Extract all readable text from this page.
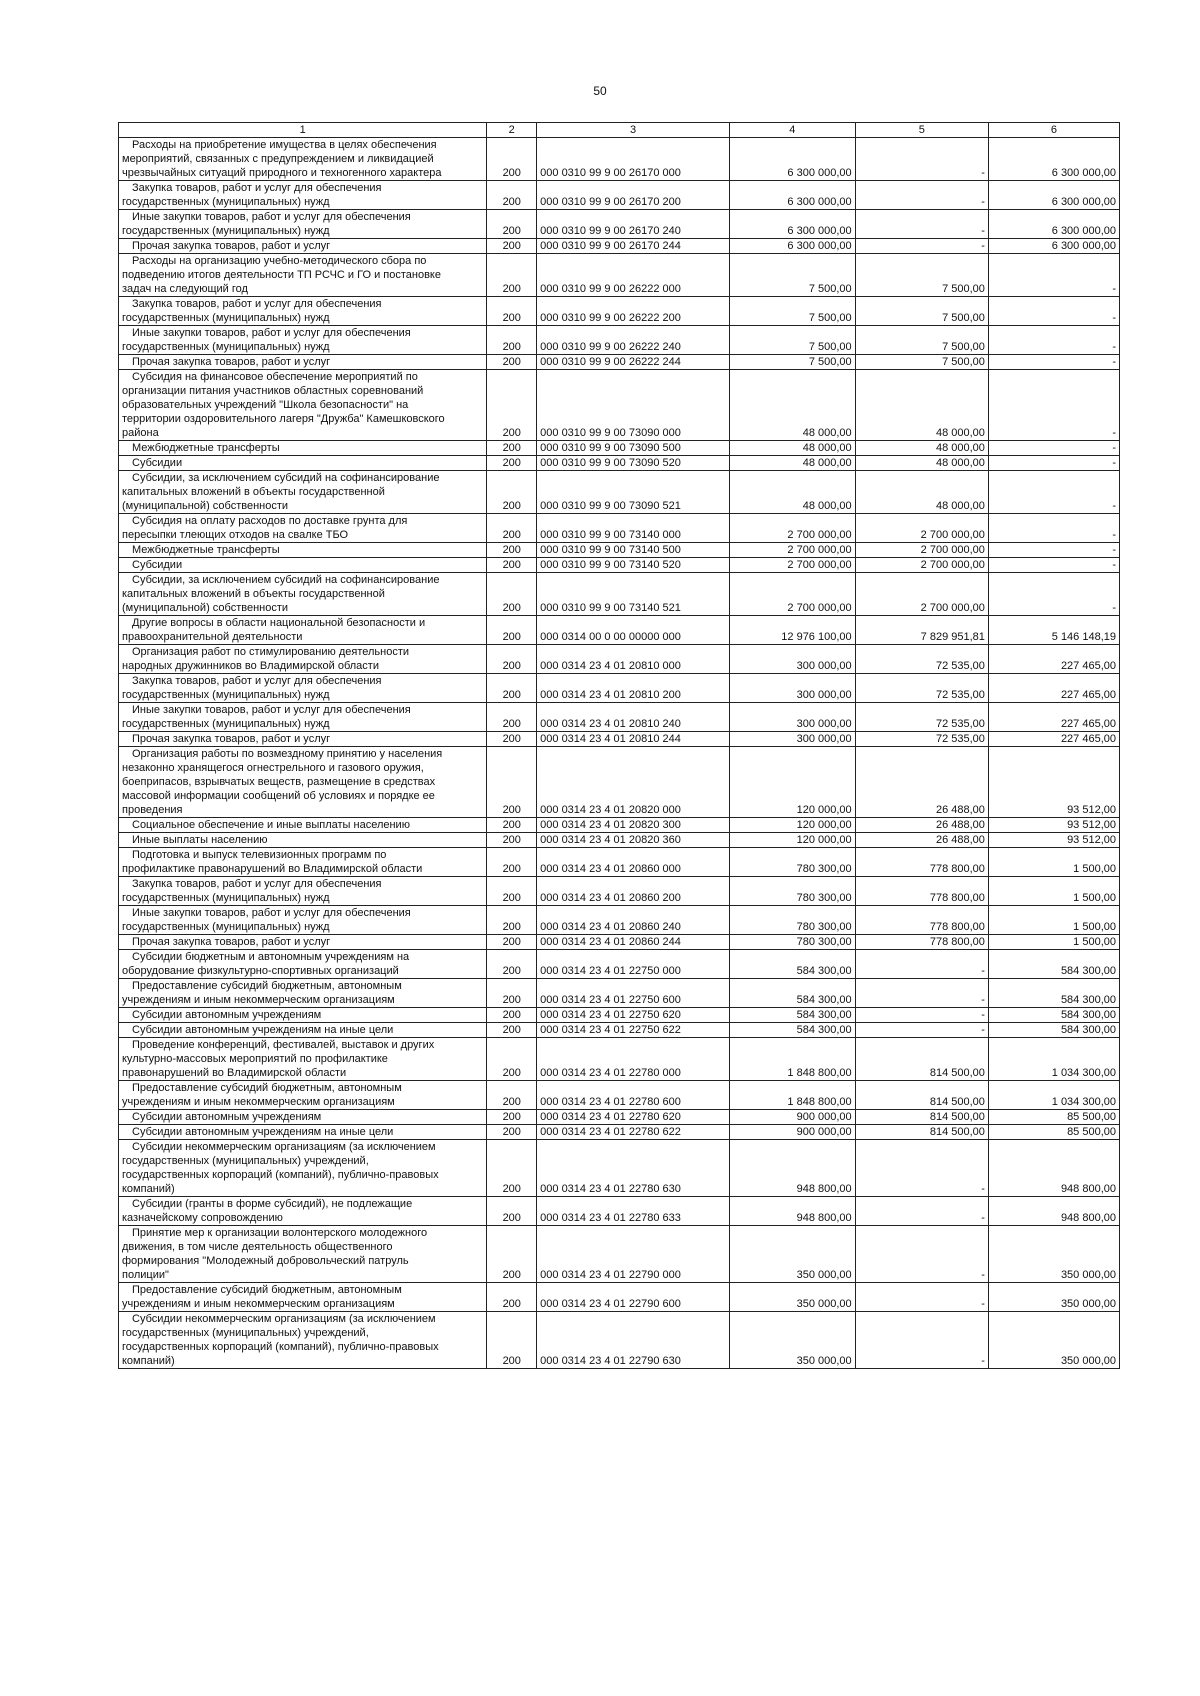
50
1	2	3	4	5	6

Расходы на приобретение имущества в целях обеспечения
мероприятий, связанных с предупреждением и ликвидацией
чрезвычайных ситуаций природного и техногенного характера	200	000 0310 99 9 00 26170 000	6 300 000,00	-	6 300 000,00

Закупка товаров, работ и услуг для обеспечения
государственных (муниципальных) нужд	200	000 0310 99 9 00 26170 200	6 300 000,00	-	6 300 000,00

Иные закупки товаров, работ и услуг для обеспечения
государственных (муниципальных) нужд	200	000 0310 99 9 00 26170 240	6 300 000,00	-	6 300 000,00

Прочая закупка товаров, работ и услуг	200	000 0310 99 9 00 26170 244	6 300 000,00	-	6 300 000,00

Расходы на организацию учебно-методического сбора по
подведению итогов деятельности ТП РСЧС и ГО и постановке
задач на следующий год	200	000 0310 99 9 00 26222 000	7 500,00	7 500,00	-

Закупка товаров, работ и услуг для обеспечения
государственных (муниципальных) нужд	200	000 0310 99 9 00 26222 200	7 500,00	7 500,00	-

Иные закупки товаров, работ и услуг для обеспечения
государственных (муниципальных) нужд	200	000 0310 99 9 00 26222 240	7 500,00	7 500,00	-

Прочая закупка товаров, работ и услуг	200	000 0310 99 9 00 26222 244	7 500,00	7 500,00	-

Субсидия на финансовое обеспечение мероприятий по
организации питания участников областных соревнований
образовательных учреждений "Школа безопасности" на
территории оздоровительного лагеря "Дружба" Камешковского
района	200	000 0310 99 9 00 73090 000	48 000,00	48 000,00	-

Межбюджетные трансферты	200	000 0310 99 9 00 73090 500	48 000,00	48 000,00	-

Субсидии	200	000 0310 99 9 00 73090 520	48 000,00	48 000,00	-

Субсидии, за исключением субсидий на софинансирование
капитальных вложений в объекты государственной
(муниципальной) собственности	200	000 0310 99 9 00 73090 521	48 000,00	48 000,00	-

Субсидия на оплату расходов по доставке грунта для
пересыпки тлеющих отходов на свалке ТБО	200	000 0310 99 9 00 73140 000	2 700 000,00	2 700 000,00	-

Межбюджетные трансферты	200	000 0310 99 9 00 73140 500	2 700 000,00	2 700 000,00	-

Субсидии	200	000 0310 99 9 00 73140 520	2 700 000,00	2 700 000,00	-

Субсидии, за исключением субсидий на софинансирование
капитальных вложений в объекты государственной
(муниципальной) собственности	200	000 0310 99 9 00 73140 521	2 700 000,00	2 700 000,00	-

Другие вопросы в области национальной безопасности и
правоохранительной деятельности	200	000 0314 00 0 00 00000 000	12 976 100,00	7 829 951,81	5 146 148,19

Организация работ по стимулированию деятельности
народных дружинников во Владимирской области	200	000 0314 23 4 01 20810 000	300 000,00	72 535,00	227 465,00

Закупка товаров, работ и услуг для обеспечения
государственных (муниципальных) нужд	200	000 0314 23 4 01 20810 200	300 000,00	72 535,00	227 465,00

Иные закупки товаров, работ и услуг для обеспечения
государственных (муниципальных) нужд	200	000 0314 23 4 01 20810 240	300 000,00	72 535,00	227 465,00

Прочая закупка товаров, работ и услуг	200	000 0314 23 4 01 20810 244	300 000,00	72 535,00	227 465,00

Организация работы по возмездному принятию у населения
незаконно хранящегося огнестрельного и газового оружия,
боеприпасов, взрывчатых веществ, размещение в средствах
массовой информации сообщений об условиях и порядке ее
проведения	200	000 0314 23 4 01 20820 000	120 000,00	26 488,00	93 512,00

Социальное обеспечение и иные выплаты населению	200	000 0314 23 4 01 20820 300	120 000,00	26 488,00	93 512,00

Иные выплаты населению	200	000 0314 23 4 01 20820 360	120 000,00	26 488,00	93 512,00

Подготовка и выпуск телевизионных программ по
профилактике правонарушений во Владимирской области	200	000 0314 23 4 01 20860 000	780 300,00	778 800,00	1 500,00

Закупка товаров, работ и услуг для обеспечения
государственных (муниципальных) нужд	200	000 0314 23 4 01 20860 200	780 300,00	778 800,00	1 500,00

Иные закупки товаров, работ и услуг для обеспечения
государственных (муниципальных) нужд	200	000 0314 23 4 01 20860 240	780 300,00	778 800,00	1 500,00

Прочая закупка товаров, работ и услуг	200	000 0314 23 4 01 20860 244	780 300,00	778 800,00	1 500,00

Субсидии бюджетным и автономным учреждениям на
оборудование физкультурно-спортивных организаций	200	000 0314 23 4 01 22750 000	584 300,00	-	584 300,00

Предоставление субсидий бюджетным, автономным
учреждениям и иным некоммерческим организациям	200	000 0314 23 4 01 22750 600	584 300,00	-	584 300,00

Субсидии автономным учреждениям	200	000 0314 23 4 01 22750 620	584 300,00	-	584 300,00

Субсидии автономным учреждениям на иные цели	200	000 0314 23 4 01 22750 622	584 300,00	-	584 300,00

Проведение конференций, фестивалей, выставок и других
культурно-массовых мероприятий по профилактике
правонарушений во Владимирской области	200	000 0314 23 4 01 22780 000	1 848 800,00	814 500,00	1 034 300,00

Предоставление субсидий бюджетным, автономным
учреждениям и иным некоммерческим организациям	200	000 0314 23 4 01 22780 600	1 848 800,00	814 500,00	1 034 300,00

Субсидии автономным учреждениям	200	000 0314 23 4 01 22780 620	900 000,00	814 500,00	85 500,00

Субсидии автономным учреждениям на иные цели	200	000 0314 23 4 01 22780 622	900 000,00	814 500,00	85 500,00

Субсидии некоммерческим организациям (за исключением
государственных (муниципальных) учреждений,
государственных корпораций (компаний), публично-правовых
компаний)	200	000 0314 23 4 01 22780 630	948 800,00	-	948 800,00

Субсидии (гранты в форме субсидий), не подлежащие
казначейскому сопровождению	200	000 0314 23 4 01 22780 633	948 800,00	-	948 800,00

Принятие мер к организации волонтерского молодежного
движения, в том числе деятельность общественного
формирования "Молодежный добровольческий патруль
полиции"	200	000 0314 23 4 01 22790 000	350 000,00	-	350 000,00

Предоставление субсидий бюджетным, автономным
учреждениям и иным некоммерческим организациям	200	000 0314 23 4 01 22790 600	350 000,00	-	350 000,00

Субсидии некоммерческим организациям (за исключением
государственных (муниципальных) учреждений,
государственных корпораций (компаний), публично-правовых
компаний)	200	000 0314 23 4 01 22790 630	350 000,00	-	350 000,00
